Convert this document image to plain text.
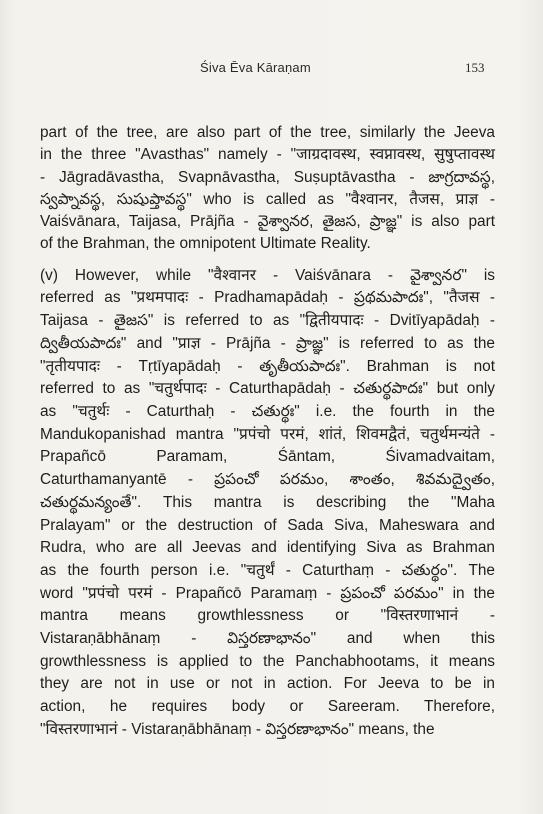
Śiva Ēva Kāraṇam	153
part of the tree, are also part of the tree, similarly the Jeeva
in the three "Avasthas" namely - "जाग्रदावस्थ, स्वप्नावस्थ, सुषुप्तावस्थ
- Jāgradāvastha, Svapnāvastha, Suṣuptāvastha - జాగ్రదావస్థ,
స్వప్నావస్థ, సుషుప్తావస్థ" who is called as "वैश्वानर, तैजस, प्राज्ञ -
Vaiśvānara, Taijasa, Prājña - వైశ్వానర, తైజస, ప్రాజ్ఞ" is also part
of the Brahman, the omnipotent Ultimate Reality.
(v) However, while "वैश्वानर - Vaiśvānara - వైశ్వానర" is
referred as "प्रथमपादः - Pradhamapādaḥ - ప్రథమపాదః", "तैजस -
Taijasa - తైజస" is referred to as "द्वितीयपादः - Dvitīyapādaḥ -
ద్వితీయపాదః" and "प्राज्ञ - Prājña - ప్రాజ్ఞ" is referred to as the
"तृतीयपादः - Tṛtīyapādaḥ - తృతీయపాదః". Brahman is not
referred to as "चतुर्थपादः - Caturthapādaḥ - చతుర్థపాదః" but only
as "चतुर्थः - Caturthaḥ - చతుర్థః" i.e. the fourth in the
Mandukopanishad mantra "प्रपंचो परमं, शांतं, शिवमद्वैतं, चतुर्थमन्यंते -
Prapañcō Paramam, Śāntam, Śivamadvaitam,
Caturthamanyantē - ప్రపంచో పరమం, శాంతం, శివమద్వైతం,
చతుర్థమన్యంతే". This mantra is describing the "Maha
Pralayam" or the destruction of Sada Siva, Maheswara and
Rudra, who are all Jeevas and identifying Siva as Brahman
as the fourth person i.e. "चतुर्थं - Caturthaṃ - చతుర్థం". The
word "प्रपंचो परमं - Prapañcō Paramaṃ - ప్రపంచో పరమం" in the
mantra means growthlessness or "विस्तरणाभानं -
Vistaraṇābhānaṃ - విస్తరణాభానం" and when this
growthlessness is applied to the Panchabhootams, it means
they are not in use or not in action. For Jeeva to be in
action, he requires body or Sareeram. Therefore,
"विस्तरणाभानं - Vistaraṇābhānaṃ - విస్తరణాభానం" means, the
